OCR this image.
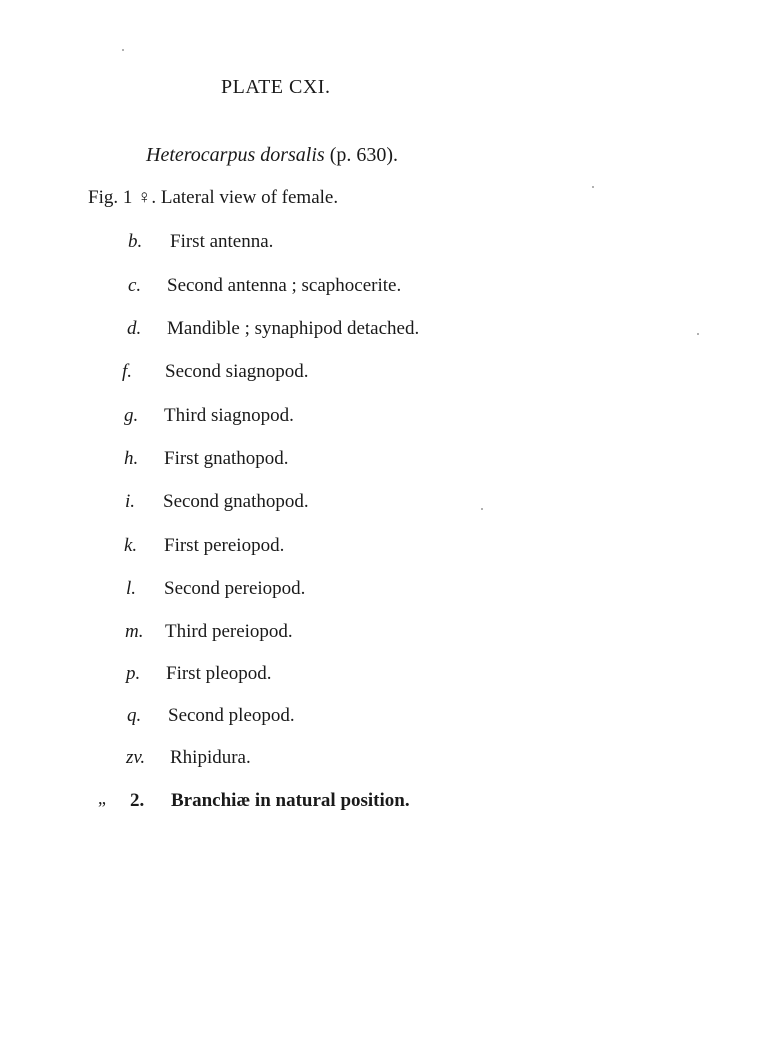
PLATE CXI.
Heterocarpus dorsalis (p. 630).
Fig. 1 ♀. Lateral view of female.
b. First antenna.
c. Second antenna ; scaphocerite.
d. Mandible ; synaphipod detached.
f. Second siagnopod.
g. Third siagnopod.
h. First gnathopod.
i. Second gnathopod.
k. First pereiopod.
l. Second pereiopod.
m. Third pereiopod.
p. First pleopod.
q. Second pleopod.
zv. Rhipidura.
„ 2. Branchiæ in natural position.
